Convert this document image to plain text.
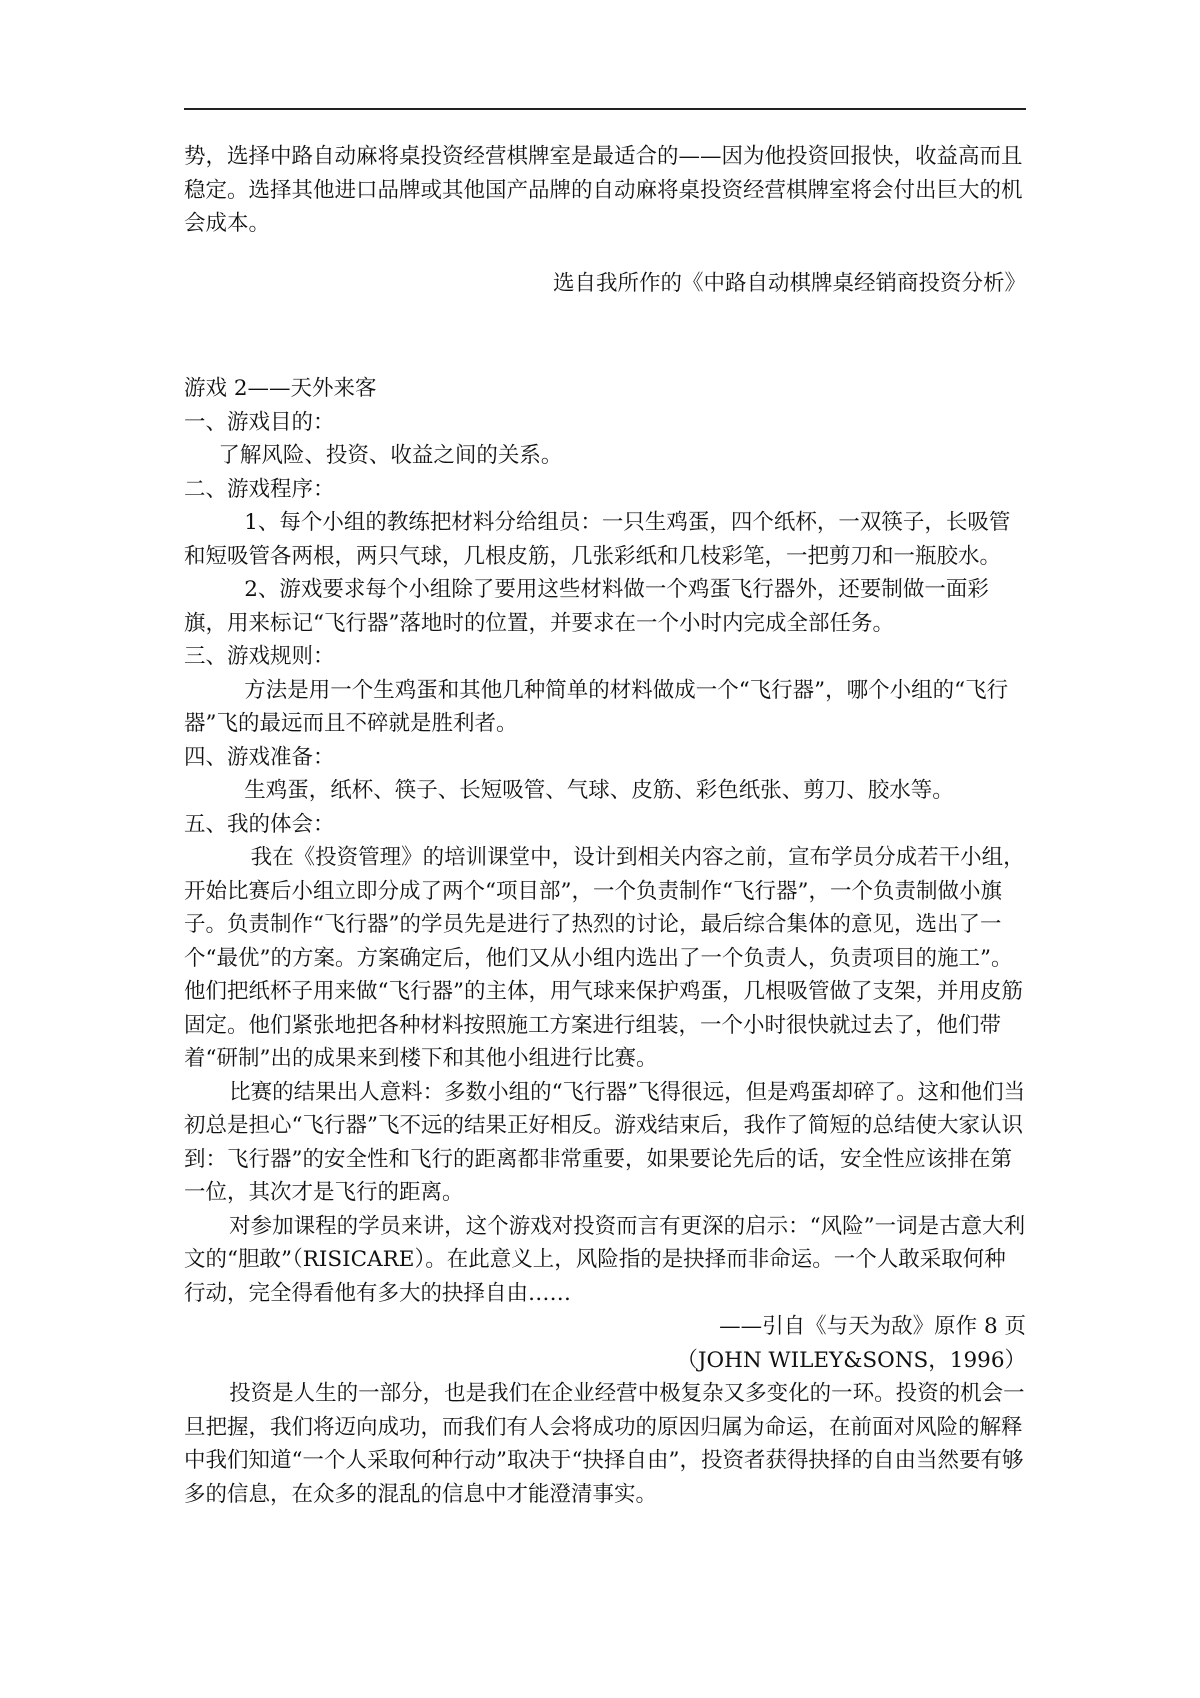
势，选择中路自动麻将桌投资经营棋牌室是最适合的——因为他投资回报快，收益高而且稳定。选择其他进口品牌或其他国产品牌的自动麻将桌投资经营棋牌室将会付出巨大的机会成本。

选自我所作的《中路自动棋牌桌经销商投资分析》

游戏 2——天外来客

一、游戏目的：

了解风险、投资、收益之间的关系。

二、游戏程序：

1、每个小组的教练把材料分给组员：一只生鸡蛋，四个纸杯，一双筷子，长吸管和短吸管各两根，两只气球，几根皮筋，几张彩纸和几枝彩笔，一把剪刀和一瓶胶水。

2、游戏要求每个小组除了要用这些材料做一个鸡蛋飞行器外，还要制做一面彩旗，用来标记“飞行器”落地时的位置，并要求在一个小时内完成全部任务。

三、游戏规则：

方法是用一个生鸡蛋和其他几种简单的材料做成一个“飞行器”，哪个小组的“飞行器”飞的最远而且不碎就是胜利者。

四、游戏准备：

生鸡蛋，纸杯、筷子、长短吸管、气球、皮筋、彩色纸张、剪刀、胶水等。

五、我的体会：

我在《投资管理》的培训课堂中，设计到相关内容之前，宣布学员分成若干小组，开始比赛后小组立即分成了两个“项目部”，一个负责制作“飞行器”，一个负责制做小旗子。负责制作“飞行器”的学员先是进行了热烈的讨论，最后综合集体的意见，选出了一个“最优”的方案。方案确定后，他们又从小组内选出了一个负责人，负责项目的施工”。他们把纸杯子用来做“飞行器”的主体，用气球来保护鸡蛋，几根吸管做了支架，并用皮筋固定。他们紧张地把各种材料按照施工方案进行组装，一个小时很快就过去了，他们带着“研制”出的成果来到楼下和其他小组进行比赛。

比赛的结果出人意料：多数小组的“飞行器”飞得很远，但是鸡蛋却碎了。这和他们当初总是担心“飞行器”飞不远的结果正好相反。游戏结束后，我作了简短的总结使大家认识到：飞行器”的安全性和飞行的距离都非常重要，如果要论先后的话，安全性应该排在第一位，其次才是飞行的距离。

对参加课程的学员来讲，这个游戏对投资而言有更深的启示：“风险”一词是古意大利文的“胆敢”（RISICARE）。在此意义上，风险指的是抉择而非命运。一个人敢采取何种行动，完全得看他有多大的抉择自由……

——引自《与天为敌》原作 8 页

（JOHN WILEY&SONS，1996）

投资是人生的一部分，也是我们在企业经营中极复杂又多变化的一环。投资的机会一旦把握，我们将迈向成功，而我们有人会将成功的原因归属为命运，在前面对风险的解释中我们知道“一个人采取何种行动”取决于“抉择自由”，投资者获得抉择的自由当然要有够多的信息，在众多的混乱的信息中才能澄清事实。
